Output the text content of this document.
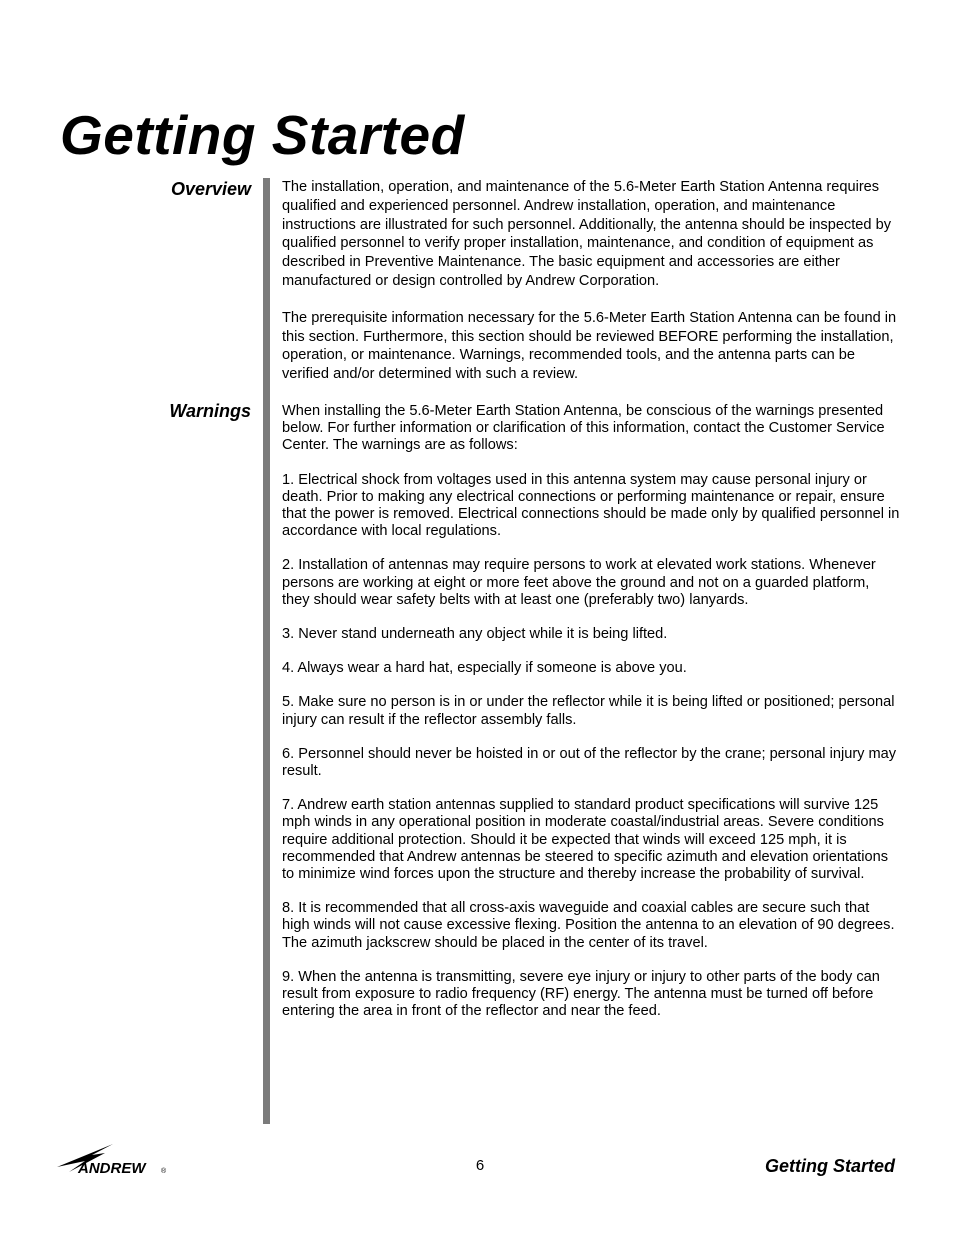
Getting Started
Overview The installation, operation, and maintenance of the 5.6-Meter Earth Station Antenna requires qualified and experienced personnel. Andrew installation, operation, and maintenance instructions are illustrated for such personnel. Additionally, the antenna should be inspected by qualified personnel to verify proper installation, maintenance, and condition of equipment as described in Preventive Maintenance. The basic equipment and accessories are either manufactured or design controlled by Andrew Corporation.

The prerequisite information necessary for the 5.6-Meter Earth Station Antenna can be found in this section. Furthermore, this section should be reviewed BEFORE performing the installation, operation, or maintenance. Warnings, recommended tools, and the antenna parts can be verified and/or determined with such a review.

Warnings When installing the 5.6-Meter Earth Station Antenna, be conscious of the warnings presented below. For further information or clarification of this information, contact the Customer Service Center. The warnings are as follows:

1. Electrical shock from voltages used in this antenna system may cause personal injury or death. Prior to making any electrical connections or performing maintenance or repair, ensure that the power is removed. Electrical connections should be made only by qualified personnel in accordance with local regulations.

2. Installation of antennas may require persons to work at elevated work stations. Whenever persons are working at eight or more feet above the ground and not on a guarded platform, they should wear safety belts with at least one (preferably two) lanyards.

3. Never stand underneath any object while it is being lifted.

4. Always wear a hard hat, especially if someone is above you.

5. Make sure no person is in or under the reflector while it is being lifted or positioned; personal injury can result if the reflector assembly falls.

6. Personnel should never be hoisted in or out of the reflector by the crane; personal injury may result.

7. Andrew earth station antennas supplied to standard product specifications will survive 125 mph winds in any operational position in moderate coastal/industrial areas. Severe conditions require additional protection. Should it be expected that winds will exceed 125 mph, it is recommended that Andrew antennas be steered to specific azimuth and elevation orientations to minimize wind forces upon the structure and thereby increase the probability of survival.

8. It is recommended that all cross-axis waveguide and coaxial cables are secure such that high winds will not cause excessive flexing. Position the antenna to an elevation of 90 degrees. The azimuth jackscrew should be placed in the center of its travel.

9. When the antenna is transmitting, severe eye injury or injury to other parts of the body can result from exposure to radio frequency (RF) energy. The antenna must be turned off before entering the area in front of the reflector and near the feed.

ANDREW ®	6	Getting Started
